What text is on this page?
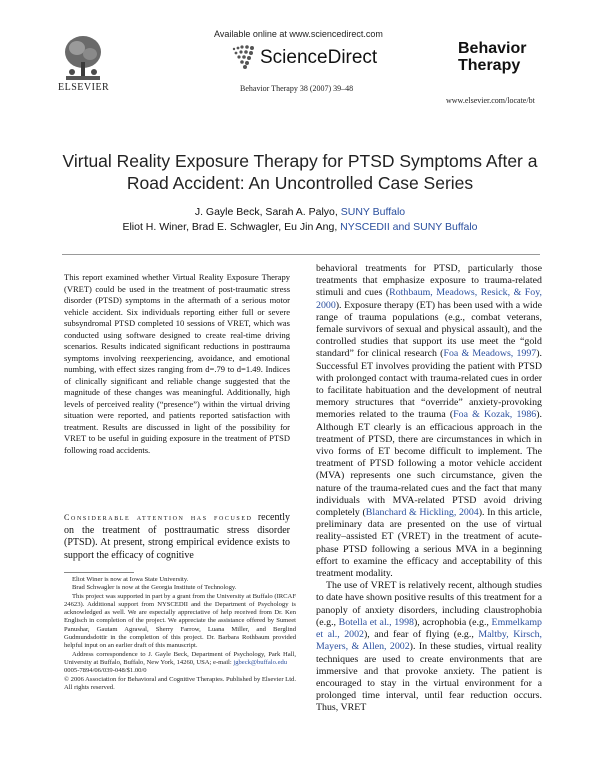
ELSEVIER
Available online at www.sciencedirect.com
ScienceDirect
Behavior Therapy 38 (2007) 39–48
Behavior
Therapy
www.elsevier.com/locate/bt
Virtual Reality Exposure Therapy for PTSD Symptoms After a Road Accident: An Uncontrolled Case Series
J. Gayle Beck, Sarah A. Palyo, SUNY Buffalo
Eliot H. Winer, Brad E. Schwagler, Eu Jin Ang, NYSCEDII and SUNY Buffalo
This report examined whether Virtual Reality Exposure Therapy (VRET) could be used in the treatment of post-traumatic stress disorder (PTSD) symptoms in the aftermath of a serious motor vehicle accident. Six individuals reporting either full or severe subsyndromal PTSD completed 10 sessions of VRET, which was conducted using software designed to create real-time driving scenarios. Results indicated significant reductions in posttrauma symptoms involving reexperiencing, avoidance, and emotional numbing, with effect sizes ranging from d=.79 to d=1.49. Indices of clinically significant and reliable change suggested that the magnitude of these changes was meaningful. Additionally, high levels of perceived reality (“presence”) within the virtual driving situation were reported, and patients reported satisfaction with treatment. Results are discussed in light of the possibility for VRET to be useful in guiding exposure in the treatment of PTSD following road accidents.
Considerable attention has focused recently on the treatment of posttraumatic stress disorder (PTSD). At present, strong empirical evidence exists to support the efficacy of cognitive

Eliot Winer is now at Iowa State University.

Brad Schwagler is now at the Georgia Institute of Technology.

This project was supported in part by a grant from the University at Buffalo (IRCAF 24623). Additional support from NYSCEDII and the Department of Psychology is acknowledged as well. We are especially appreciative of help received from Dr. Ken Englisch in completion of the project. We appreciate the assistance offered by Sumeet Panushar, Gautam Agrawal, Sherry Farrow, Luana Miller, and Berglind Gudmundsdottir in the completion of this project. Dr. Barbara Rothbaum provided helpful input on an earlier draft of this manuscript.

Address correspondence to J. Gayle Beck, Department of Psychology, Park Hall, University at Buffalo, Buffalo, New York, 14260, USA; e-mail: jgbeck@buffalo.edu

0005-7894/06/039-048/$1.00/0

© 2006 Association for Behavioral and Cognitive Therapies. Published by Elsevier Ltd. All rights reserved.

behavioral treatments for PTSD, particularly those treatments that emphasize exposure to trauma-related stimuli and cues (Rothbaum, Meadows, Resick, & Foy, 2000). Exposure therapy (ET) has been used with a wide range of trauma populations (e.g., combat veterans, female survivors of sexual and physical assault), and the controlled studies that support its use meet the “gold standard” for clinical research (Foa & Meadows, 1997). Successful ET involves providing the patient with PTSD with prolonged contact with trauma-related cues in order to facilitate habituation and the development of neutral memory structures that “override” anxiety-provoking memories related to the trauma (Foa & Kozak, 1986). Although ET clearly is an efficacious approach in the treatment of PTSD, there are circumstances in which in vivo forms of ET become difficult to implement. The treatment of PTSD following a motor vehicle accident (MVA) represents one such circumstance, given the nature of the trauma-related cues and the fact that many individuals with MVA-related PTSD avoid driving completely (Blanchard & Hickling, 2004). In this article, preliminary data are presented on the use of virtual reality–assisted ET (VRET) in the treatment of acute-phase PTSD following a serious MVA in a beginning effort to examine the efficacy and acceptability of this treatment modality.

The use of VRET is relatively recent, although studies to date have shown positive results of this treatment for a panoply of anxiety disorders, including claustrophobia (e.g., Botella et al., 1998), acrophobia (e.g., Emmelkamp et al., 2002), and fear of flying (e.g., Maltby, Kirsch, Mayers, & Allen, 2002). In these studies, virtual reality techniques are used to create environments that are immersive and that provoke anxiety. The patient is encouraged to stay in the virtual environment for a prolonged time interval, until fear reduction occurs. Thus, VRET
